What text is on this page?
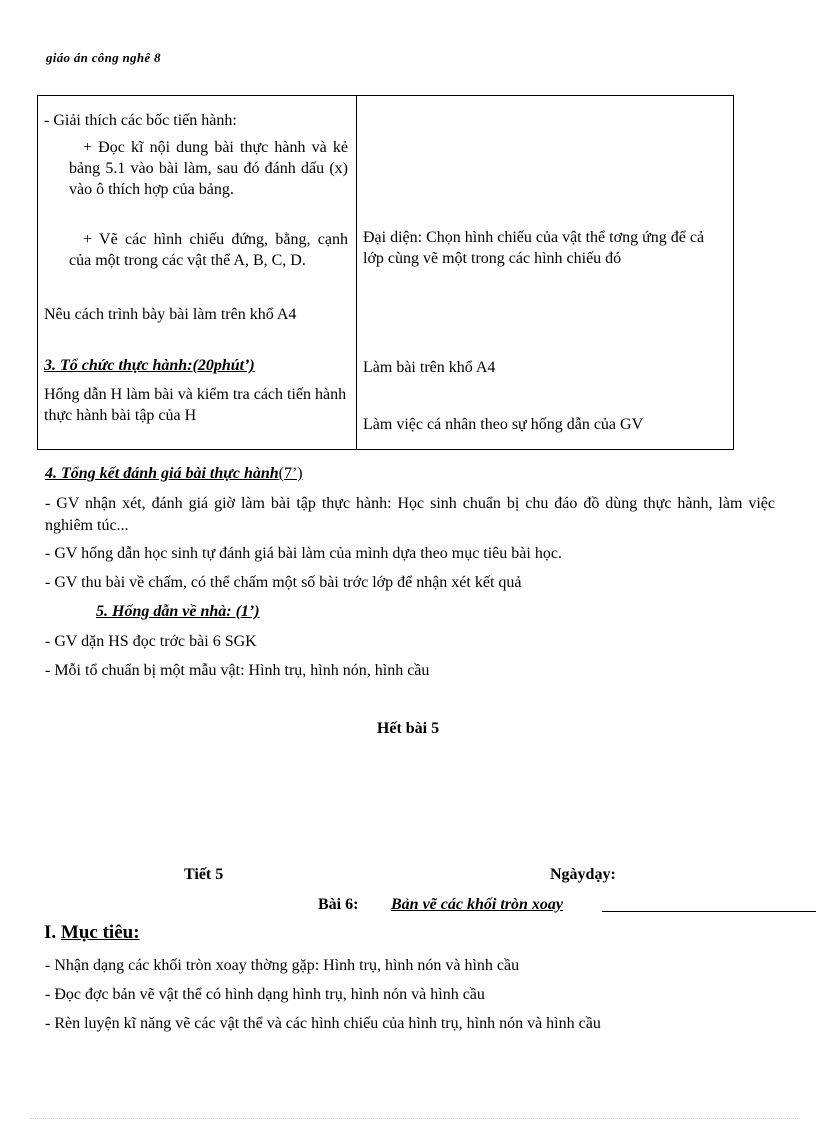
giáo án công nghê 8
- Giải thích các bốc tiến hành:
+ Đọc kĩ nội dung bài thực hành và kẻ bảng 5.1 vào bài làm, sau đó đánh dấu (x) vào ô thích hợp của bảng.
+ Vẽ các hình chiếu đứng, bằng, cạnh của một trong các vật thể A, B, C, D.
Nêu cách trình bày bài làm trên khổ A4
3. Tổ chức thực hành:(20phút’)
Hống dẫn H làm bài và kiểm tra cách tiến hành thực hành bài tập của H
Đại diện: Chọn hình chiếu của vật thể tơng ứng để cả lớp cùng vẽ một trong các hình chiếu đó
Làm bài trên khổ A4
Làm việc cá nhân theo sự hống dẫn của GV
4. Tổng kết đánh giá bài thực hành(7’)
- GV nhận xét, đánh giá giờ làm bài tập thực hành: Học sinh chuẩn bị chu đáo đồ dùng thực hành, làm việc nghiêm túc...
- GV hống dẫn học sinh tự đánh giá bài làm của mình dựa theo mục tiêu bài học.
- GV thu bài về chấm, có thể chấm một số bài trớc lớp để nhận xét kết quả
5. Hống dẫn về nhà: (1’)
- GV dặn HS đọc trớc bài 6 SGK
- Mỗi tổ chuẩn bị một mẫu vật: Hình trụ, hình nón, hình cầu
Hết bài 5
Tiết 5	Ngàydạy:
Bài 6: Bản vẽ các khối tròn xoay
I. Mục tiêu:
- Nhận dạng các khối tròn xoay thờng gặp: Hình trụ, hình nón và hình cầu
- Đọc đợc bản vẽ vật thể có hình dạng hình trụ, hình nón và hình cầu
- Rèn luyện kĩ năng vẽ các vật thể và các hình chiếu của hình trụ, hình nón và hình cầu
